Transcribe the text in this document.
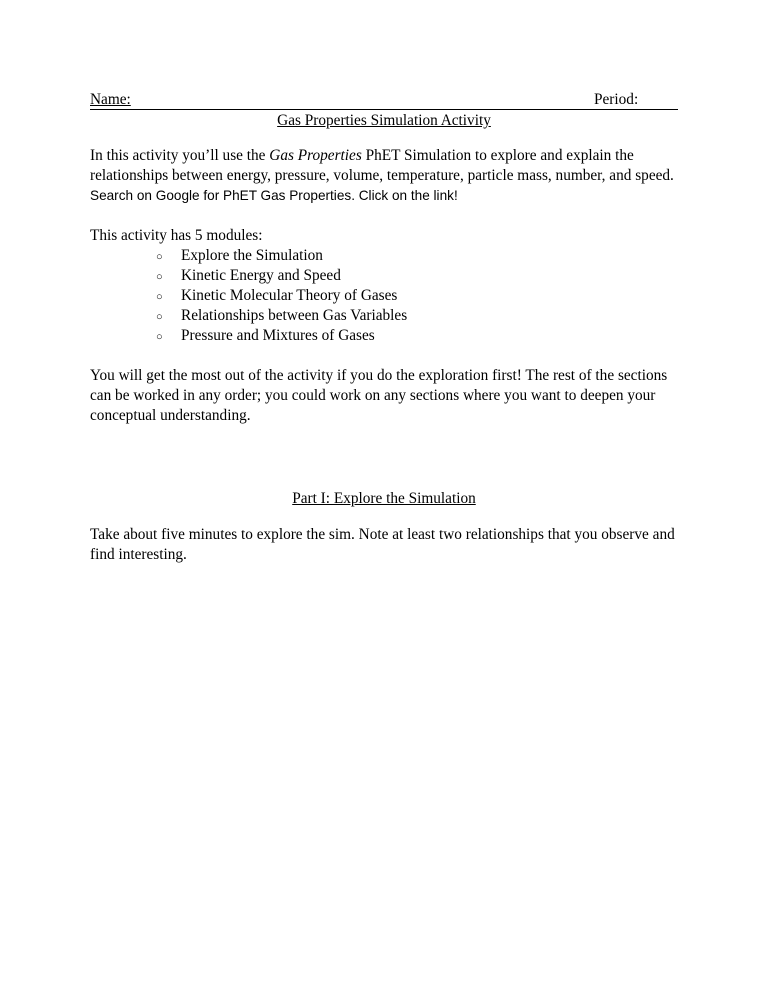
Name:	Period:
Gas Properties Simulation Activity
In this activity you’ll use the Gas Properties PhET Simulation to explore and explain the relationships between energy, pressure, volume, temperature, particle mass, number, and speed.
Search on Google for PhET Gas Properties. Click on the link!
This activity has 5 modules:
○ Explore the Simulation
○ Kinetic Energy and Speed
○ Kinetic Molecular Theory of Gases
○ Relationships between Gas Variables
○ Pressure and Mixtures of Gases
You will get the most out of the activity if you do the exploration first! The rest of the sections can be worked in any order; you could work on any sections where you want to deepen your conceptual understanding.
Part I: Explore the Simulation
Take about five minutes to explore the sim. Note at least two relationships that you observe and find interesting.
